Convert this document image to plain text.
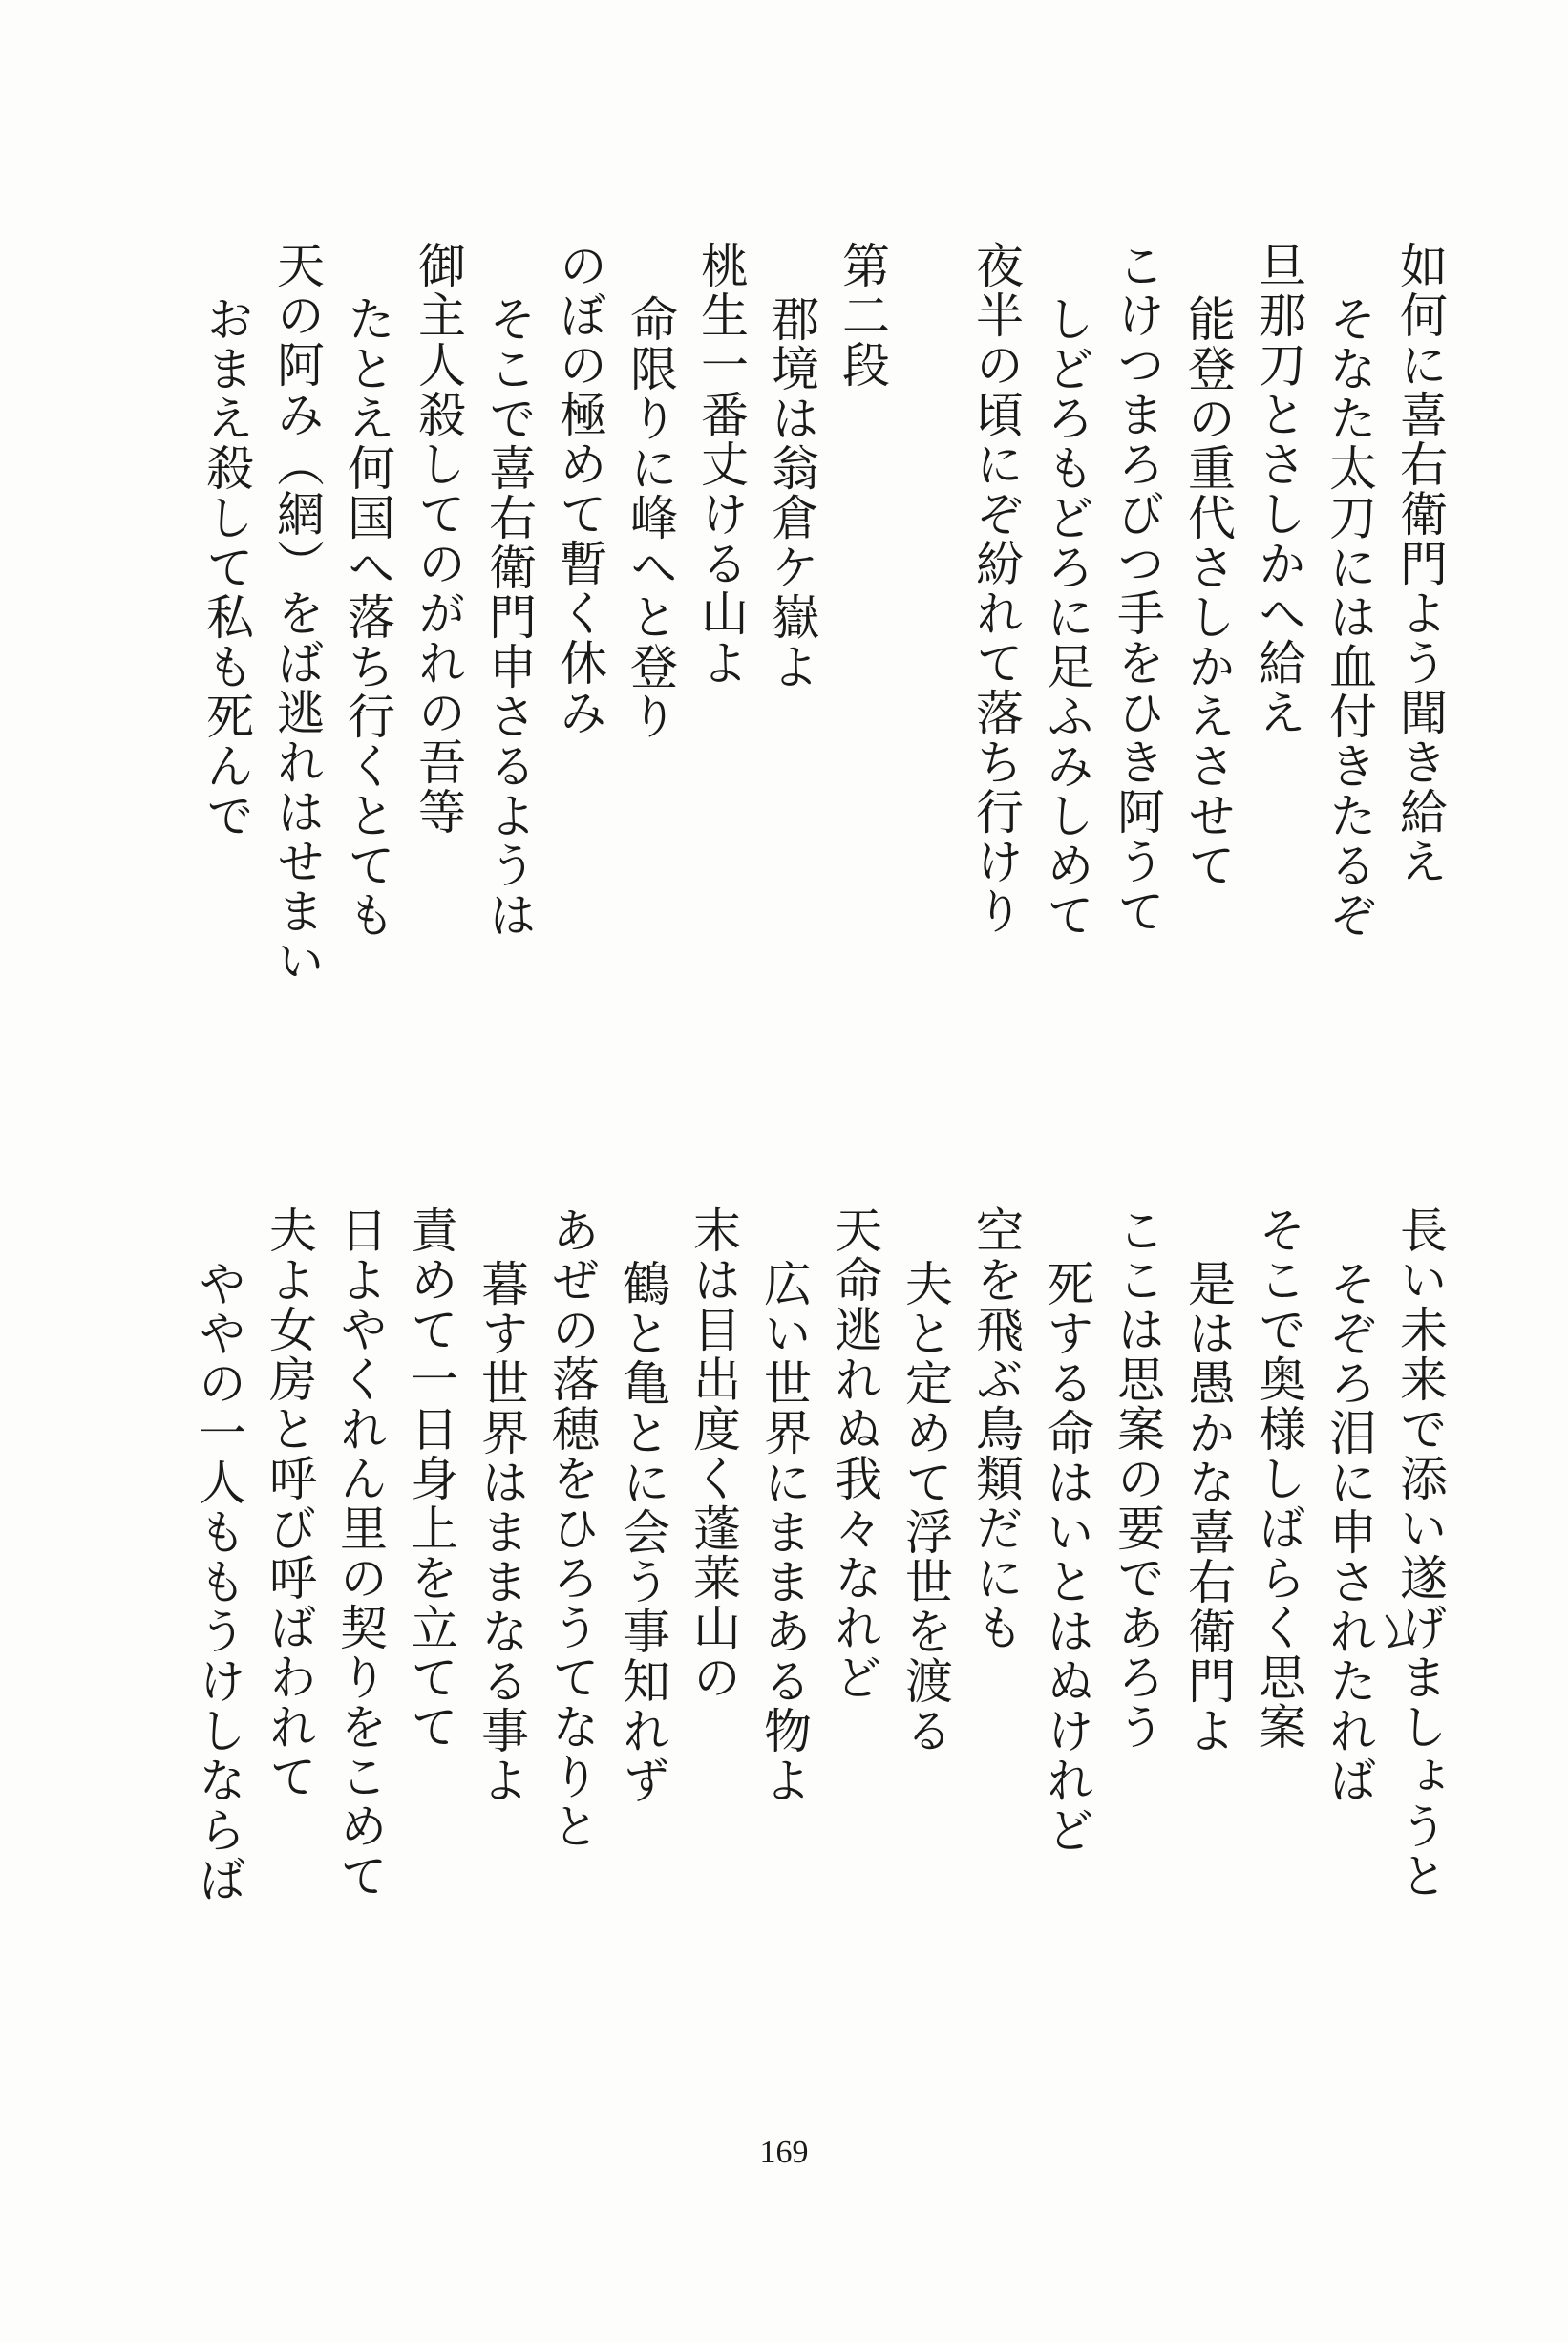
如何に喜右衛門よう聞き給え
そなた太刀には血付きたるぞ
旦那刀とさしかへ給え
能登の重代さしかえさせて
こけつまろびつ手をひき阿うて
しどろもどろに足ふみしめて
夜半の頃にぞ紛れて落ち行けり
第二段
郡境は翁倉ケ嶽よ
桃生一番丈ける山よ
命限りに峰へと登り
のぼの極めて暫く休み
そこで喜右衛門申さるようは
御主人殺してのがれの吾等
たとえ何国へ落ち行くとても
天の阿み（網）をば逃れはせまい
おまえ殺して私も死んで
長い未来で添い遂げましょうと
そぞろ泪に申されたれば
そこで奥様しばらく思案
是は愚かな喜右衛門よ
ここは思案の要であろう
死する命はいとはぬけれど
空を飛ぶ鳥類だにも
夫と定めて浮世を渡る
天命逃れぬ我々なれど
広い世界にままある物よ
末は目出度く蓬莱山の
鶴と亀とに会う事知れず
あぜの落穂をひろうてなりと
暮す世界はままなる事よ
責めて一日身上を立てて
日よやくれん里の契りをこめて
夫よ女房と呼び呼ばわれて
ややの一人ももうけしならば
169
